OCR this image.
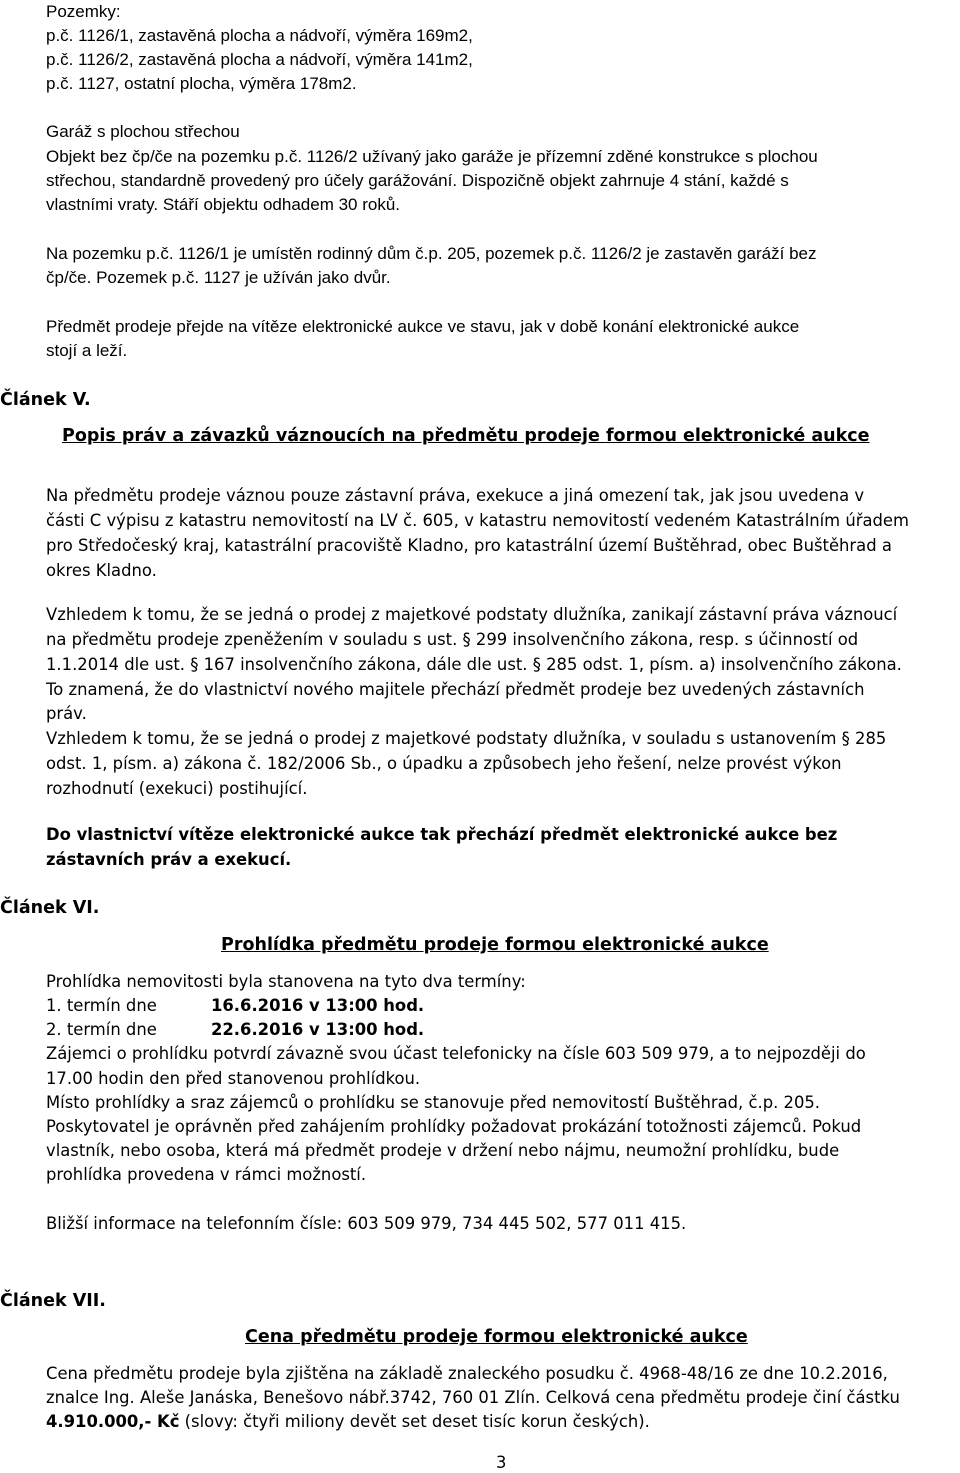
Pozemky:
p.č. 1126/1, zastavěná plocha a nádvoří, výměra 169m2,
p.č. 1126/2, zastavěná plocha a nádvoří, výměra 141m2,
p.č. 1127, ostatní plocha, výměra 178m2.
Garáž s plochou střechou
Objekt bez čp/če na pozemku p.č. 1126/2 užívaný jako garáže je přízemní zděné konstrukce s plochou
střechou, standardně provedený pro účely garážování. Dispozičně objekt zahrnuje 4 stání, každé s
vlastními vraty. Stáří objektu odhadem 30 roků.
Na pozemku p.č. 1126/1 je umístěn rodinný dům č.p. 205, pozemek p.č. 1126/2 je zastavěn garáží bez
čp/če. Pozemek p.č. 1127 je užíván jako dvůr.
Předmět prodeje přejde na vítěze elektronické aukce ve stavu, jak v době konání elektronické aukce
stojí a leží.
Článek V.
Popis práv a závazků váznoucích na předmětu prodeje formou elektronické aukce
Na předmětu prodeje váznou pouze zástavní práva, exekuce a jiná omezení tak, jak jsou uvedena v
části C výpisu z katastru nemovitostí na LV č. 605, v katastru nemovitostí vedeném Katastrálním úřadem
pro Středočeský kraj, katastrální pracoviště Kladno, pro katastrální území Buštěhrad, obec Buštěhrad a
okres Kladno.
Vzhledem k tomu, že se jedná o prodej z majetkové podstaty dlužníka, zanikají zástavní práva váznoucí
na předmětu prodeje zpeněžením v souladu s ust. § 299 insolvenčního zákona, resp. s účinností od
1.1.2014 dle ust. § 167 insolvenčního zákona, dále dle ust. § 285 odst. 1, písm. a) insolvenčního zákona.
To znamená, že do vlastnictví nového majitele přechází předmět prodeje bez uvedených zástavních
práv.
Vzhledem k tomu, že se jedná o prodej z majetkové podstaty dlužníka, v souladu s ustanovením § 285
odst. 1, písm. a) zákona č. 182/2006 Sb., o úpadku a způsobech jeho řešení, nelze provést výkon
rozhodnutí (exekuci) postihující.
Do vlastnictví vítěze elektronické aukce tak přechází předmět elektronické aukce bez
zástavních práv a exekucí.
Článek VI.
Prohlídka předmětu prodeje formou elektronické aukce
Prohlídka nemovitosti byla stanovena na tyto dva termíny:
1. termín dne	16.6.2016 v 13:00 hod.
2. termín dne	22.6.2016 v 13:00 hod.
Zájemci o prohlídku potvrdí závazně svou účast telefonicky na čísle 603 509 979, a to nejpozději do
17.00 hodin den před stanovenou prohlídkou.
Místo prohlídky a sraz zájemců o prohlídku se stanovuje před nemovitostí Buštěhrad, č.p. 205.
Poskytovatel je oprávněn před zahájením prohlídky požadovat prokázání totožnosti zájemců. Pokud
vlastník, nebo osoba, která má předmět prodeje v držení nebo nájmu, neumožní prohlídku, bude
prohlídka provedena v rámci možností.
Bližší informace na telefonním čísle: 603 509 979, 734 445 502, 577 011 415.
Článek VII.
Cena předmětu prodeje formou elektronické aukce
Cena předmětu prodeje byla zjištěna na základě znaleckého posudku č. 4968-48/16 ze dne 10.2.2016,
znalce Ing. Aleše Janáska, Benešovo nábř.3742, 760 01 Zlín. Celková cena předmětu prodeje činí částku
4.910.000,- Kč (slovy: čtyři miliony devět set deset tisíc korun českých).
3
